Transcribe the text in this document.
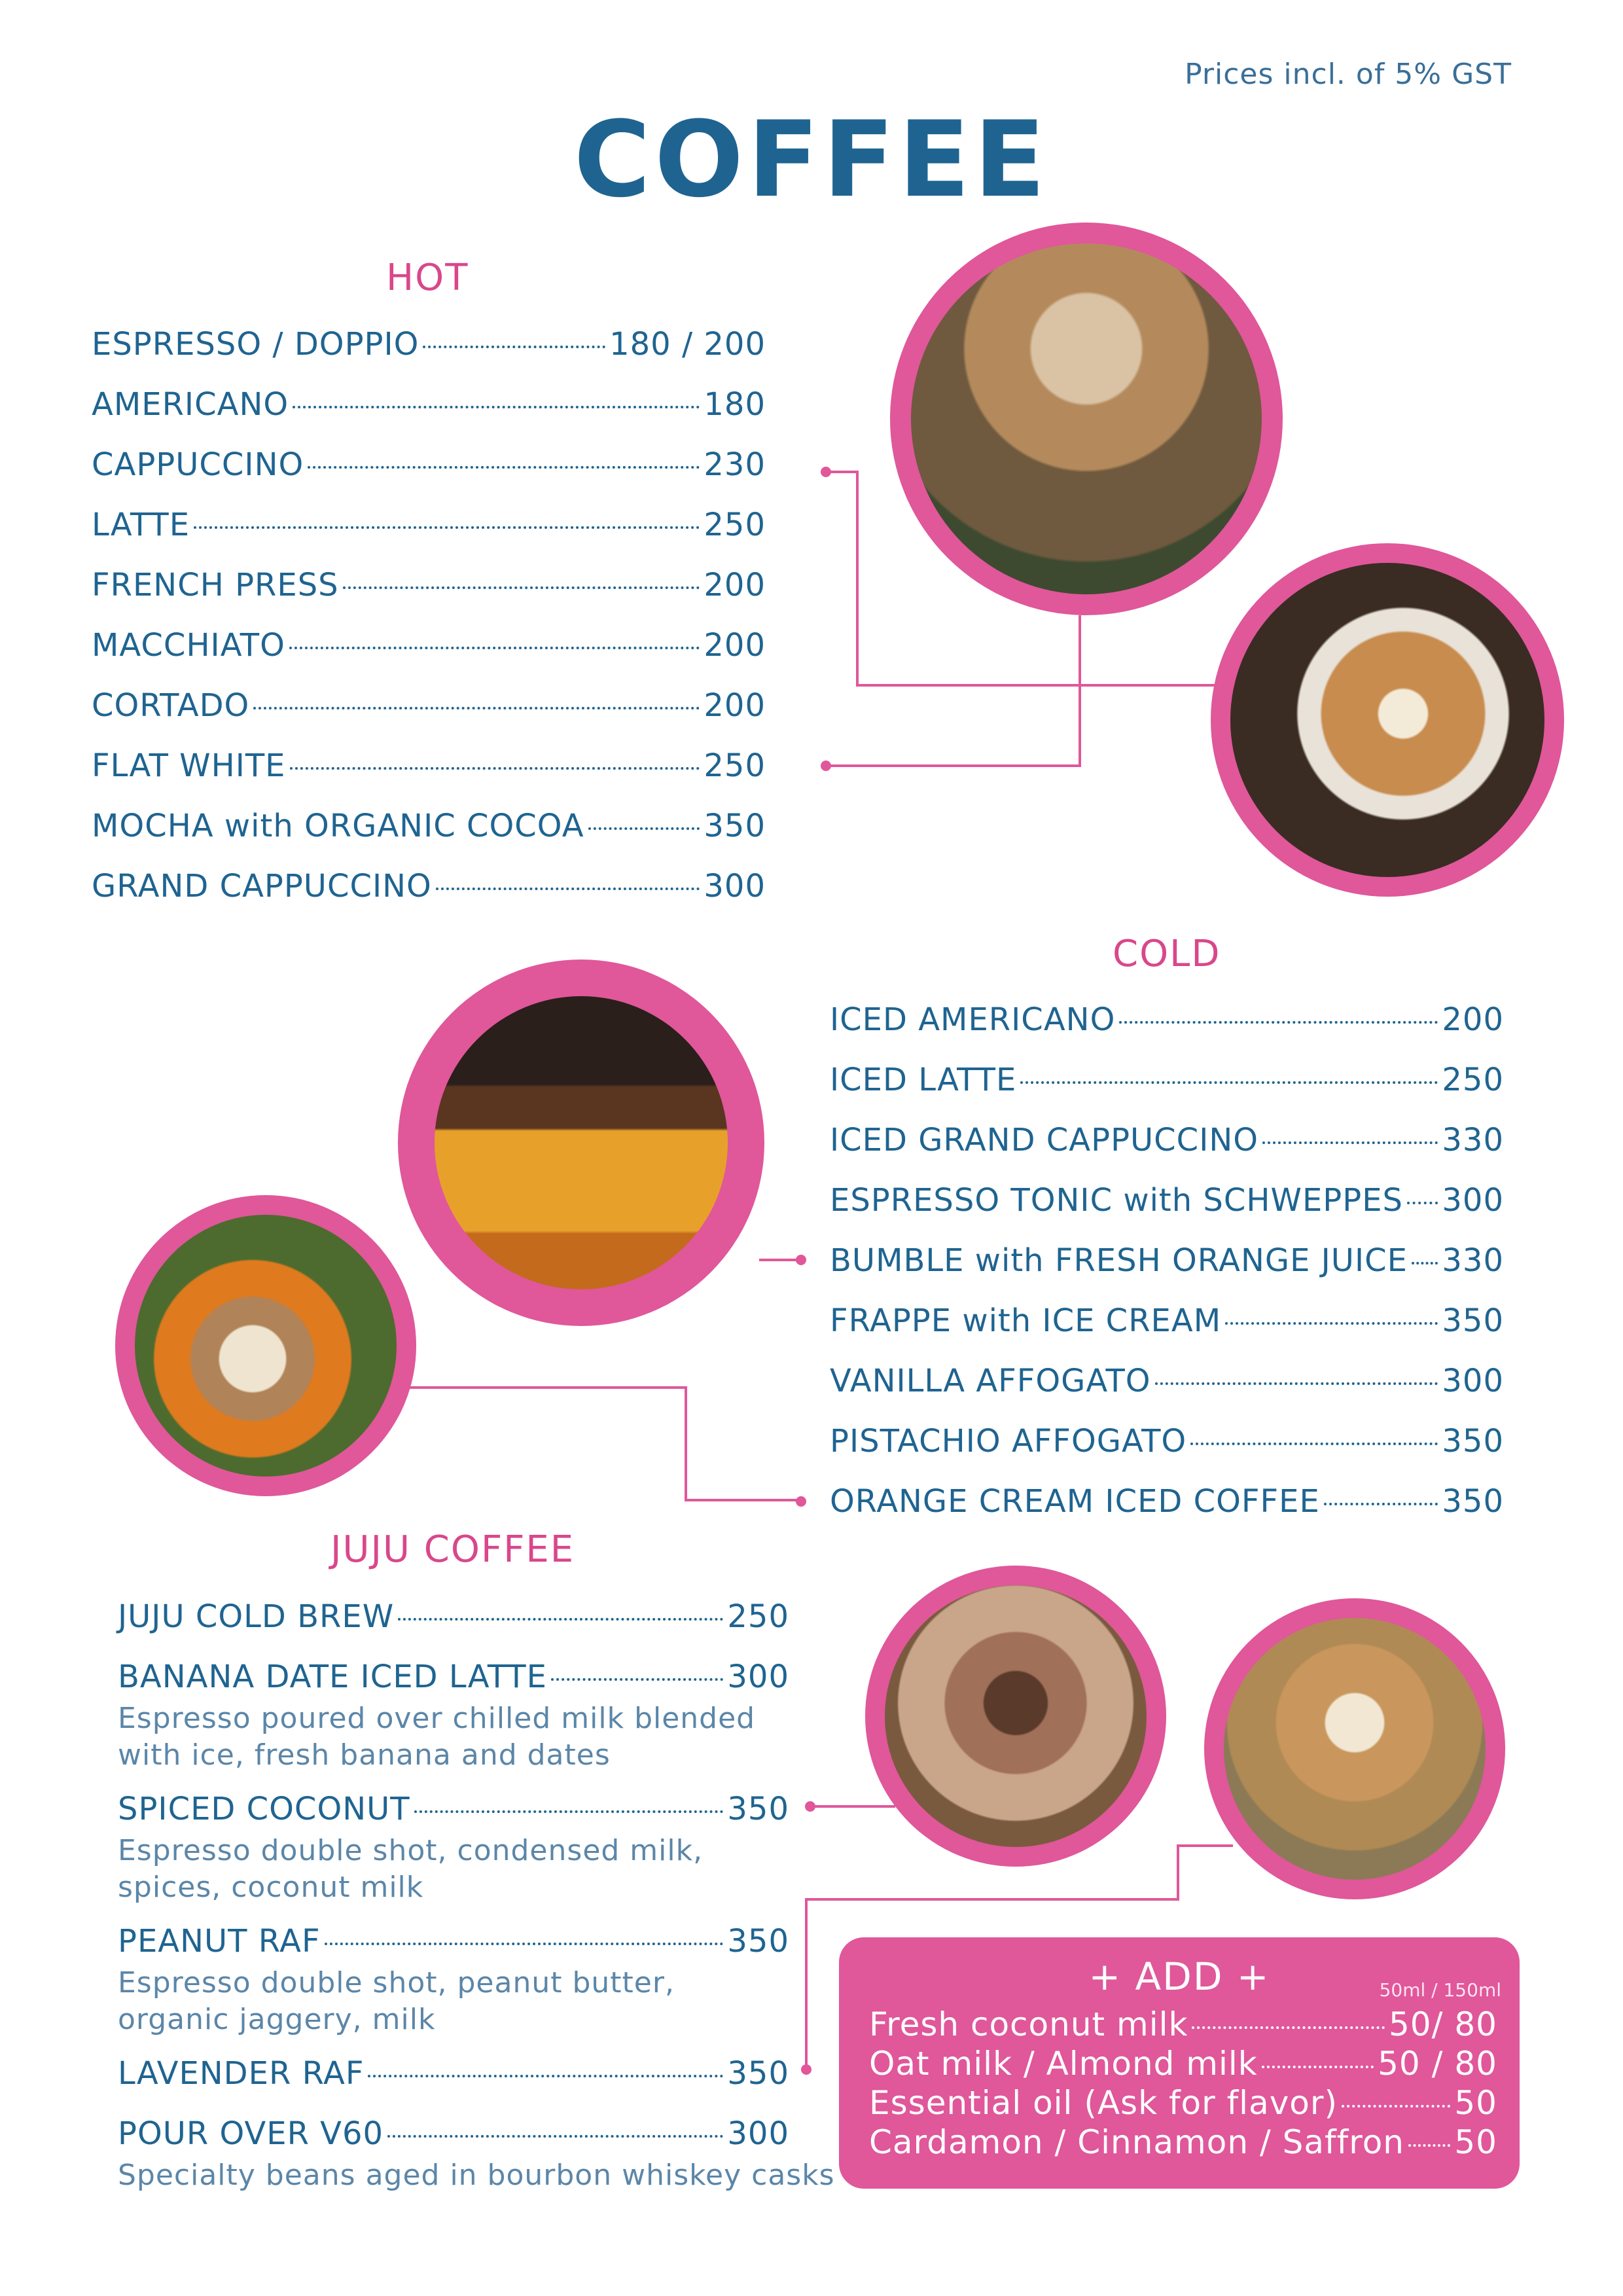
Prices incl. of 5% GST
COFFEE
HOT
ESPRESSO / DOPPIO	180 / 200
AMERICANO	180
CAPPUCCINO	230
LATTE	250
FRENCH PRESS	200
MACCHIATO	200
CORTADO	200
FLAT WHITE	250
MOCHA with ORGANIC COCOA	350
GRAND CAPPUCCINO	300
COLD
ICED AMERICANO	200
ICED LATTE	250
ICED GRAND CAPPUCCINO	330
ESPRESSO TONIC with SCHWEPPES 300
BUMBLE with FRESH ORANGE JUICE 330
FRAPPE with ICE CREAM	350
VANILLA AFFOGATO	300
PISTACHIO AFFOGATO	350
ORANGE CREAM ICED COFFEE	350
JUJU COFFEE
JUJU COLD BREW	250
BANANA DATE ICED LATTE	300
Espresso poured over chilled milk blended
with ice, fresh banana and dates
SPICED COCONUT	350
Espresso double shot, condensed milk,
spices, coconut milk
PEANUT RAF	350
Espresso double shot, peanut butter,
organic jaggery, milk
LAVENDER RAF	350
POUR OVER V60	300
Specialty beans aged in bourbon whiskey casks
+ ADD +	50ml / 150ml
Fresh coconut milk	50/ 80
Oat milk / Almond milk	50 / 80
Essential oil (Ask for flavor)	50
Cardamon / Cinnamon / Saffron 50
